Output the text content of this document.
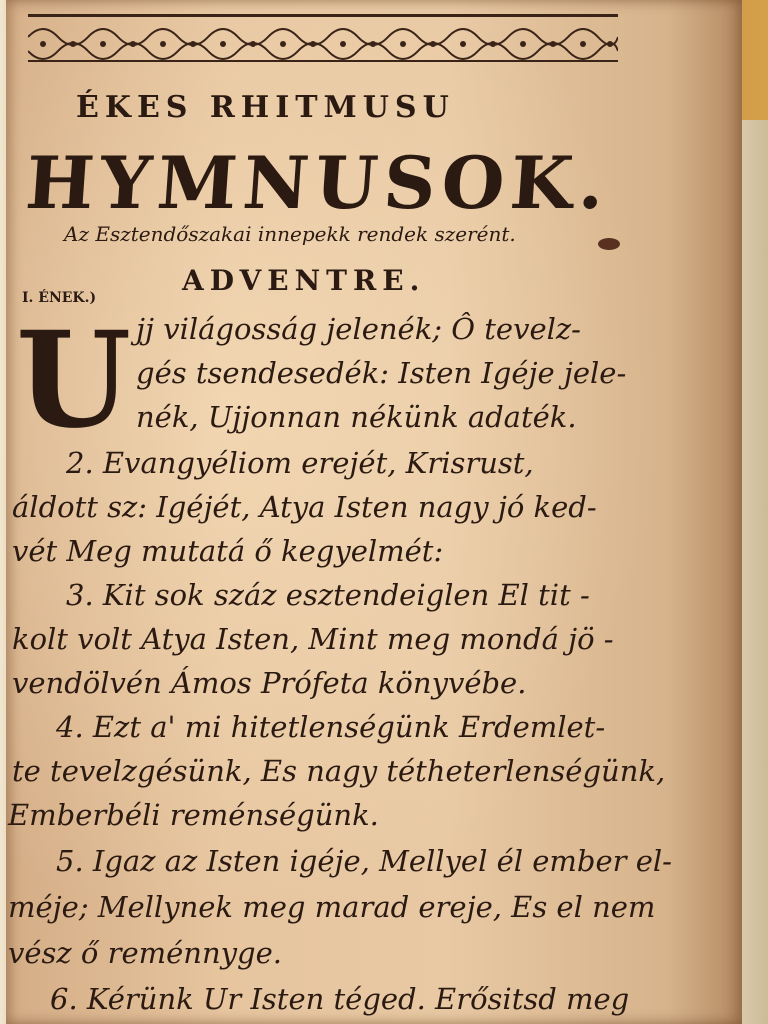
ÉKES RHITMUSU
HYMNUSOK.
Az Esztendőszakai innepekk rendek szerént.
I. ÉNEK.)
ADVENTRE.
U jj világosság jelenék; Ô tevelz-
gés tsendesedék: Isten Igéje jele-
nék, Ujjonnan nékünk adaték.
2. Evangyéliom erejét, Krisrust,
áldott sz: Igéjét, Atya Isten nagy jó ked-
vét Meg mutatá ő kegyelmét:
3. Kit sok száz esztendeiglen El tit -
kolt volt Atya Isten, Mint meg mondá jö -
vendölvén Ámos Prófeta könyvébe.
4. Ezt a' mi hitetlenségünk Erdemlet-
te tevelzgésünk, Es nagy tétheterlenségünk,
Emberbéli reménségünk.
5. Igaz az Isten igéje, Mellyel él ember el-
méje; Mellynek meg marad ereje, Es el nem
vész ő reménnyge.
6. Kérünk Ur Isten téged. Erősitsd meg
